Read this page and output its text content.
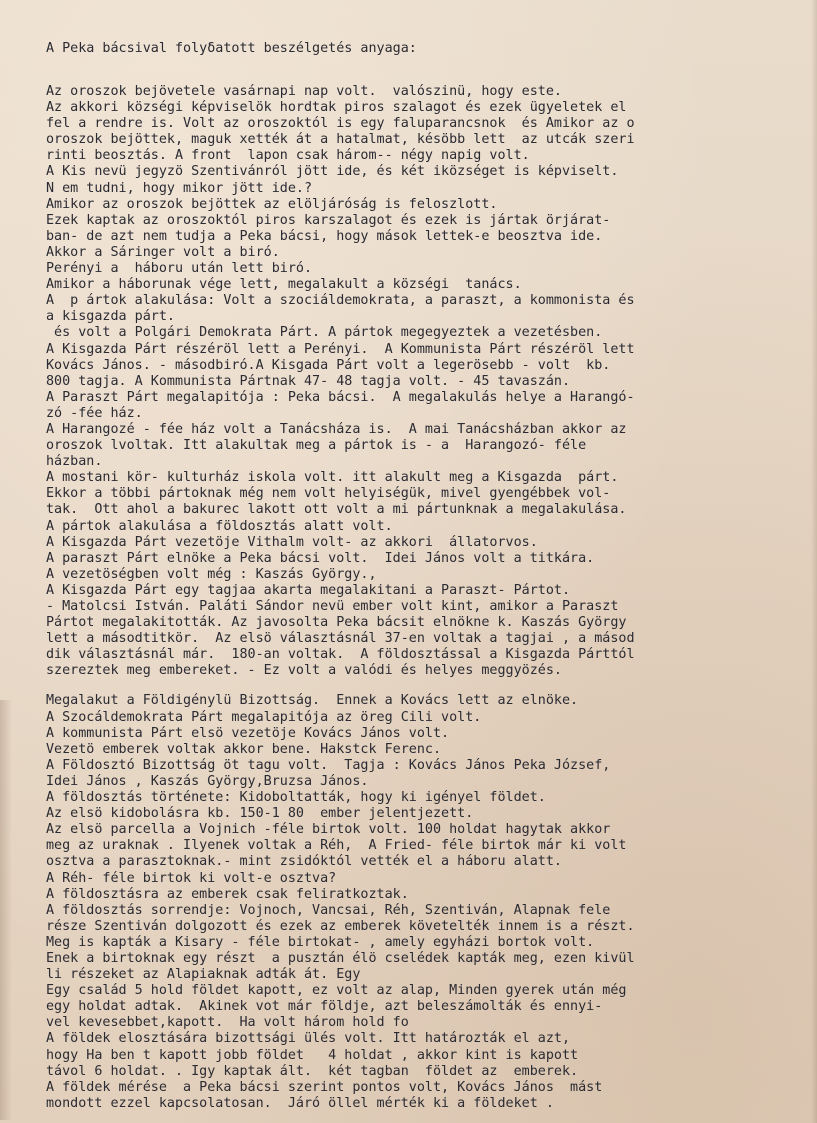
A Peka bácsival folyδatott beszélgetés anyaga:
Az oroszok bejövetele vasárnapi nap volt.  valószinü, hogy este.
Az akkori községi képviselök hordtak piros szalagot és ezek ügyeletek el
fel a rendre is. Volt az oroszoktól is egy faluparancsnok  és Amikor az o
oroszok bejöttek, maguk xették át a hatalmat, késöbb lett  az utcák szeri
rinti beosztás. A front  lapon csak három-- négy napig volt.
A Kis nevü jegyzö Szentivánról jött ide, és két iközséget is képviselt.
N em tudni, hogy mikor jött ide.?
Amikor az oroszok bejöttek az elöljáróság is feloszlott.
Ezek kaptak az oroszoktól piros karszalagot és ezek is jártak örjárat-
ban- de azt nem tudja a Peka bácsi, hogy mások lettek-e beosztva ide.
Akkor a Sáringer volt a biró.
Perényi a  háboru után lett biró.
Amikor a háborunak vége lett, megalakult a községi  tanács.
A  p ártok alakulása: Volt a szociáldemokrata, a paraszt, a kommonista és
a kisgazda párt.
és volt a Polgári Demokrata Párt. A pártok megegyeztek a vezetésben.
A Kisgazda Párt részéröl lett a Perényi.  A Kommunista Párt részéröl lett
Kovács János. - másodbiró.A Kisgada Párt volt a legerösebb - volt  kb.
800 tagja. A Kommunista Pártnak 47- 48 tagja volt. - 45 tavaszán.
A Paraszt Párt megalapitója : Peka bácsi.  A megalakulás helye a Harangó-
zó -fée ház.
A Harangozé - fée ház volt a Tanácsháza is.  A mai Tanácsházban akkor az
oroszok lvoltak. Itt alakultak meg a pártok is - a  Harangozó- féle
házban.
A mostani kör- kulturház iskola volt. itt alakult meg a Kisgazda  párt.
Ekkor a többi pártoknak még nem volt helyiségük, mivel gyengébbek vol-
tak.  Ott ahol a bakurec lakott ott volt a mi pártunknak a megalakulása.
A pártok alakulása a földosztás alatt volt.
A Kisgazda Párt vezetöje Vithalm volt- az akkori  állatorvos.
A paraszt Párt elnöke a Peka bácsi volt.  Idei János volt a titkára.
A vezetöségben volt még : Kaszás György.,
A Kisgazda Párt egy tagjaa akarta megalakitani a Paraszt- Pártot.
- Matolcsi István. Paláti Sándor nevü ember volt kint, amikor a Paraszt
Pártot megalakitották. Az javosolta Peka bácsit elnökne k. Kaszás György
lett a másodtitkör.  Az elsö választásnál 37-en voltak a tagjai , a másod
dik választásnál már.  180-an voltak.  A földosztással a Kisgazda Párttól
szereztek meg embereket. - Ez volt a valódi és helyes meggyözés.
Megalakut a Földigénylü Bizottság.  Ennek a Kovács lett az elnöke.
A Szocáldemokrata Párt megalapitója az öreg Cili volt.
A kommunista Párt elsö vezetöje Kovács János volt.
Vezetö emberek voltak akkor bene. Hakstck Ferenc.
A Földosztó Bizottság öt tagu volt.  Tagja : Kovács János Peka József,
Idei János , Kaszás György,Bruzsa János.
A földosztás története: Kidoboltatták, hogy ki igényel földet.
Az elsö kidobolásra kb. 150-1 80  ember jelentjezett.
Az elsö parcella a Vojnich -féle birtok volt. 100 holdat hagytak akkor
meg az uraknak . Ilyenek voltak a Réh,  A Fried- féle birtok már ki volt
osztva a parasztoknak.- mint zsidóktól vették el a háboru alatt.
A Réh- féle birtok ki volt-e osztva?
A földosztásra az emberek csak feliratkoztak.
A földosztás sorrendje: Vojnoch, Vancsai, Réh, Szentiván, Alapnak fele
része Szentiván dolgozott és ezek az emberek követelték innem is a részt.
Meg is kapták a Kisary - féle birtokat- , amely egyházi bortok volt.
Enek a birtoknak egy részt  a pusztán élö cselédek kapták meg, ezen kivül
li részeket az Alapiaknak adták át. Egy
Egy család 5 hold földet kapott, ez volt az alap, Minden gyerek után még
egy holdat adtak.  Akinek vot már földje, azt beleszámolták és ennyi-
vel kevesebbet,kapott.  Ha volt három hold fo
A földek elosztására bizottsági ülés volt. Itt határozták el azt,
hogy Ha ben t kapott jobb földet   4 holdat , akkor kint is kapott
távol 6 holdat. . Igy kaptak ált.  két tagban  földet az  emberek.
A földek mérése  a Peka bácsi szerint pontos volt, Kovács János  mást
mondott ezzel kapcsolatosan.  Járó öllel mérték ki a földeket .
